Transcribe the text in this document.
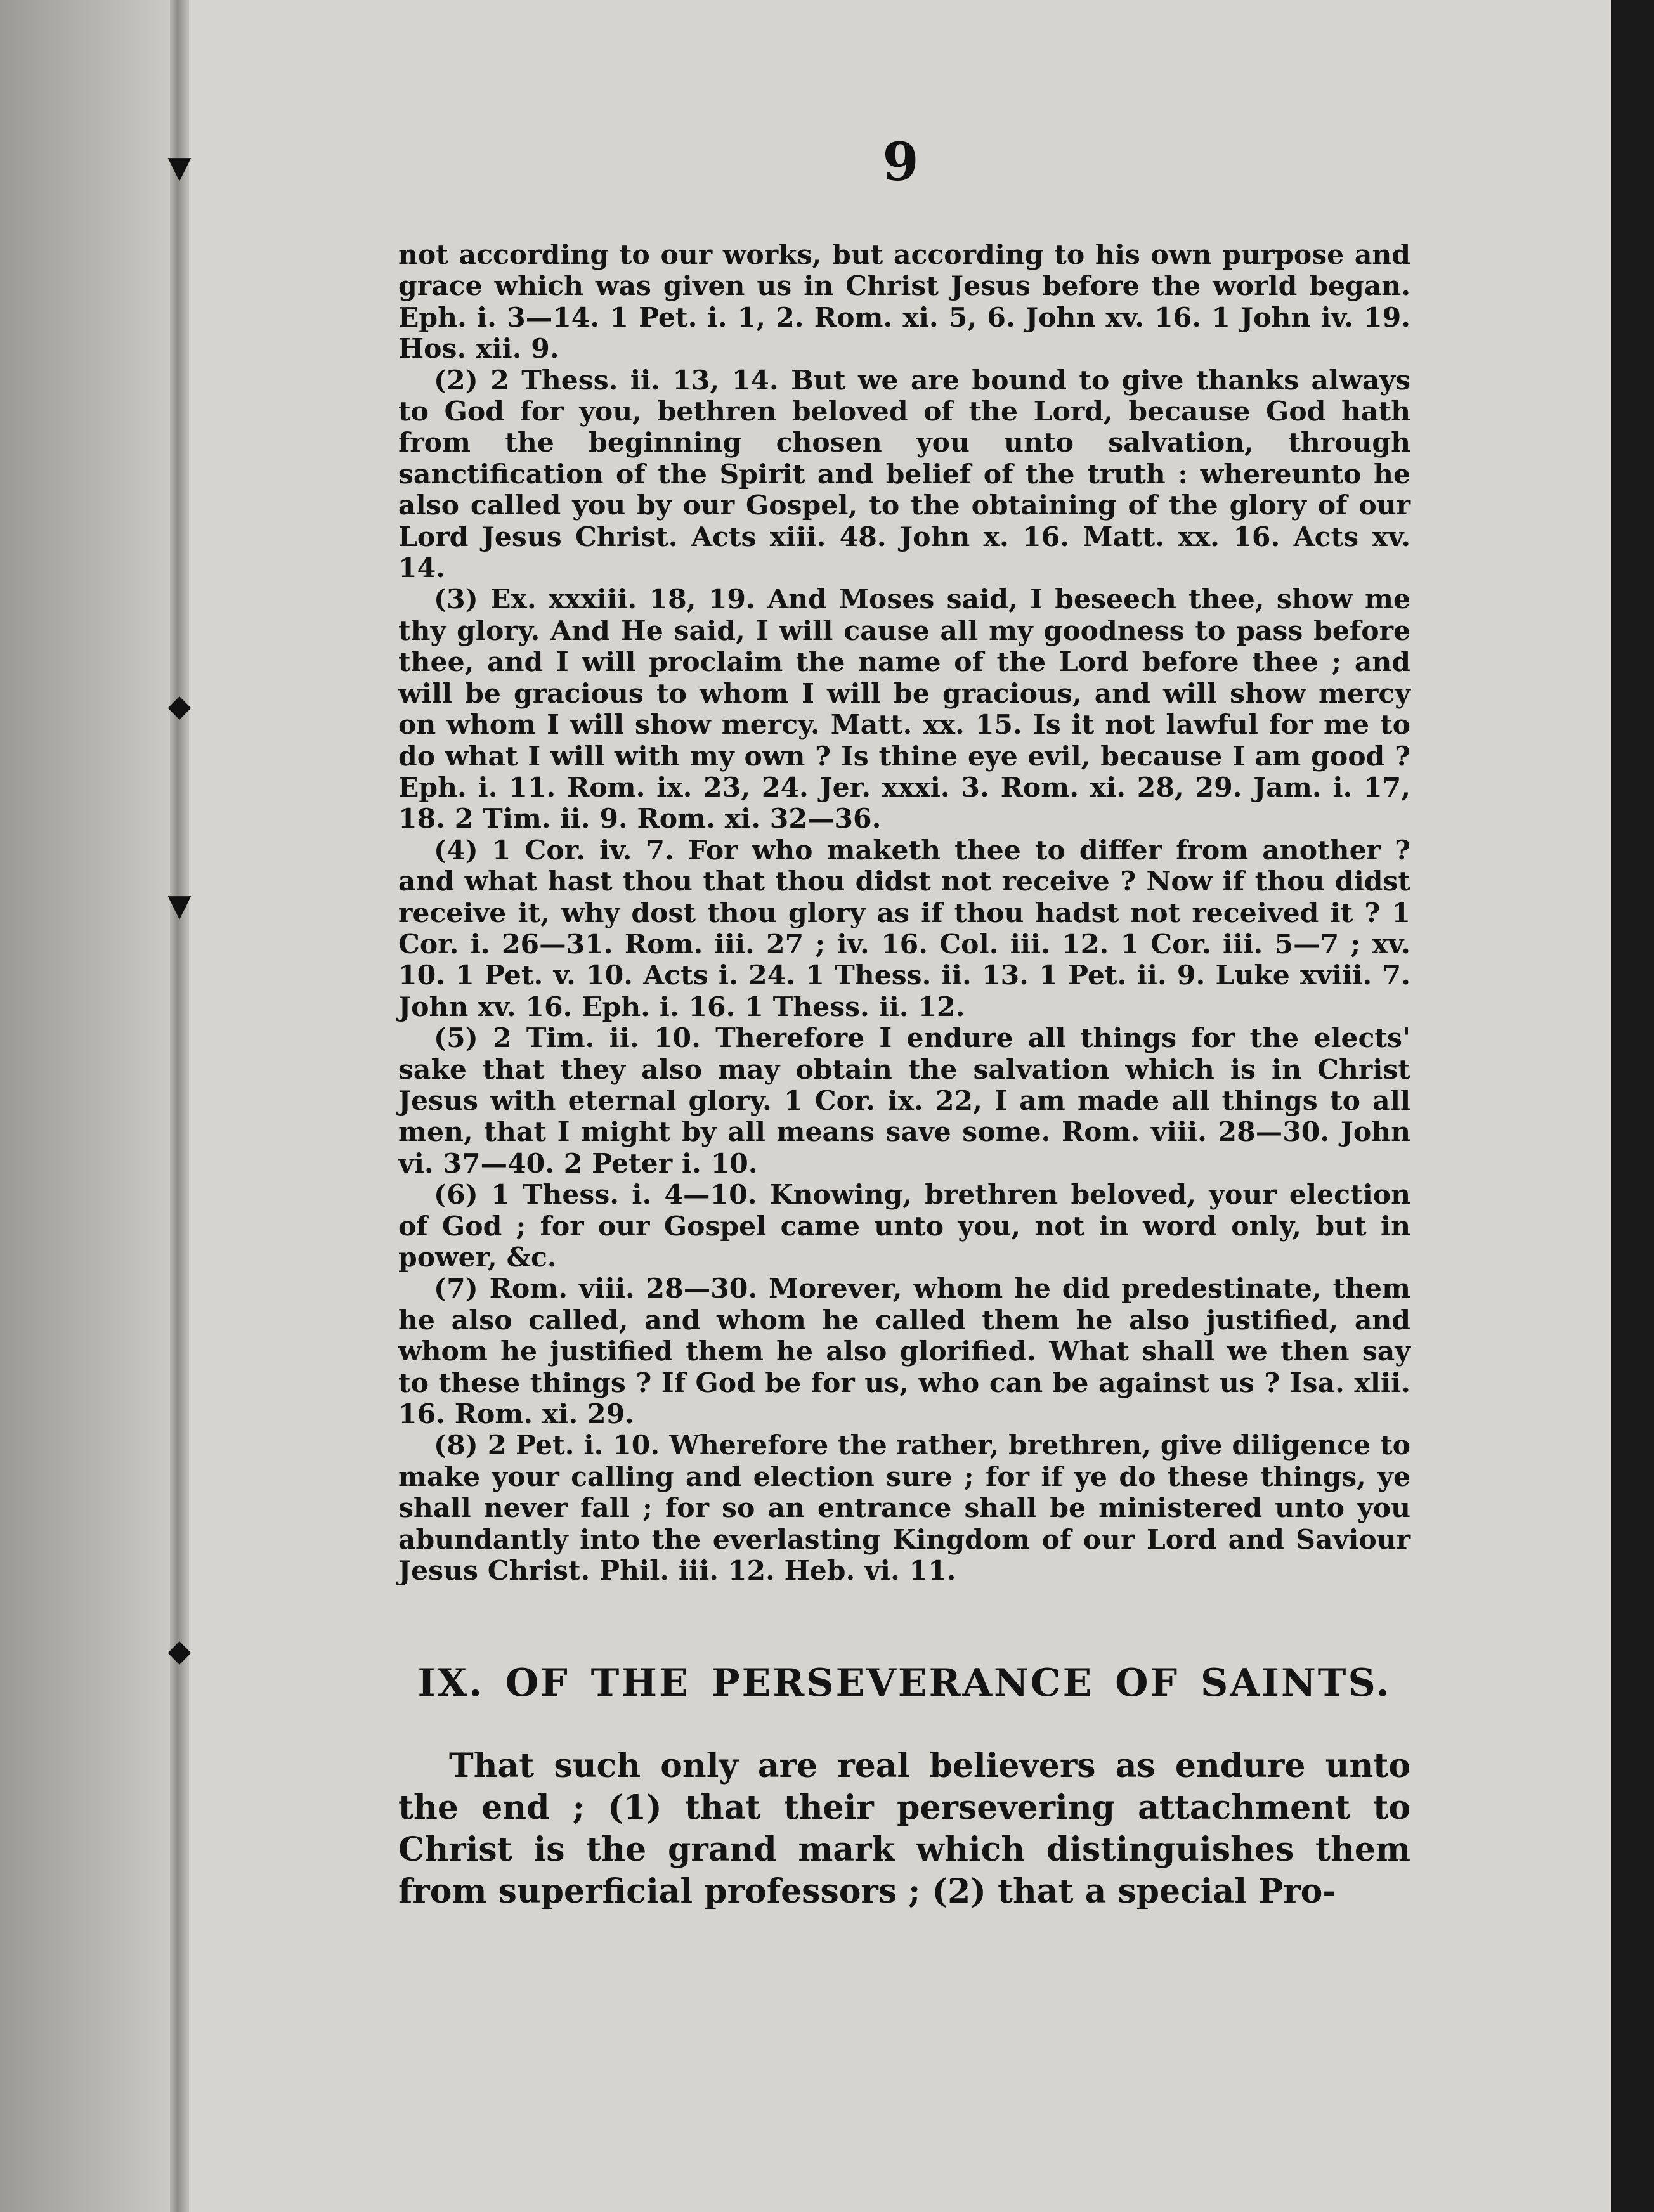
▼
◆
▼
◆
9

not according to our works, but according to his own purpose and grace which was given us in Christ Jesus before the world began. Eph. i. 3—14. 1 Pet. i. 1, 2. Rom. xi. 5, 6. John xv. 16. 1 John iv. 19. Hos. xii. 9.

(2) 2 Thess. ii. 13, 14. But we are bound to give thanks always to God for you, bethren beloved of the Lord, because God hath from the beginning chosen you unto salvation, through sanctification of the Spirit and belief of the truth : whereunto he also called you by our Gospel, to the obtaining of the glory of our Lord Jesus Christ. Acts xiii. 48. John x. 16. Matt. xx. 16. Acts xv. 14.

(3) Ex. xxxiii. 18, 19. And Moses said, I beseech thee, show me thy glory. And He said, I will cause all my goodness to pass before thee, and I will proclaim the name of the Lord before thee ; and will be gracious to whom I will be gracious, and will show mercy on whom I will show mercy. Matt. xx. 15. Is it not lawful for me to do what I will with my own ? Is thine eye evil, because I am good ? Eph. i. 11. Rom. ix. 23, 24. Jer. xxxi. 3. Rom. xi. 28, 29. Jam. i. 17, 18. 2 Tim. ii. 9. Rom. xi. 32—36.

(4) 1 Cor. iv. 7. For who maketh thee to differ from another ? and what hast thou that thou didst not receive ? Now if thou didst receive it, why dost thou glory as if thou hadst not received it ? 1 Cor. i. 26—31. Rom. iii. 27 ; iv. 16. Col. iii. 12. 1 Cor. iii. 5—7 ; xv. 10. 1 Pet. v. 10. Acts i. 24. 1 Thess. ii. 13. 1 Pet. ii. 9. Luke xviii. 7. John xv. 16. Eph. i. 16. 1 Thess. ii. 12.

(5) 2 Tim. ii. 10. Therefore I endure all things for the elects' sake that they also may obtain the salvation which is in Christ Jesus with eternal glory. 1 Cor. ix. 22, I am made all things to all men, that I might by all means save some. Rom. viii. 28—30. John vi. 37—40. 2 Peter i. 10.

(6) 1 Thess. i. 4—10. Knowing, brethren beloved, your election of God ; for our Gospel came unto you, not in word only, but in power, &c.

(7) Rom. viii. 28—30. Morever, whom he did predestinate, them he also called, and whom he called them he also justified, and whom he justified them he also glorified. What shall we then say to these things ? If God be for us, who can be against us ? Isa. xlii. 16. Rom. xi. 29.

(8) 2 Pet. i. 10. Wherefore the rather, brethren, give diligence to make your calling and election sure ; for if ye do these things, ye shall never fall ; for so an entrance shall be ministered unto you abundantly into the everlasting Kingdom of our Lord and Saviour Jesus Christ. Phil. iii. 12. Heb. vi. 11.

IX. OF THE PERSEVERANCE OF SAINTS.

That such only are real believers as endure unto the end ; (1) that their persevering attachment to Christ is the grand mark which distinguishes them from superficial professors ; (2) that a special Pro-
